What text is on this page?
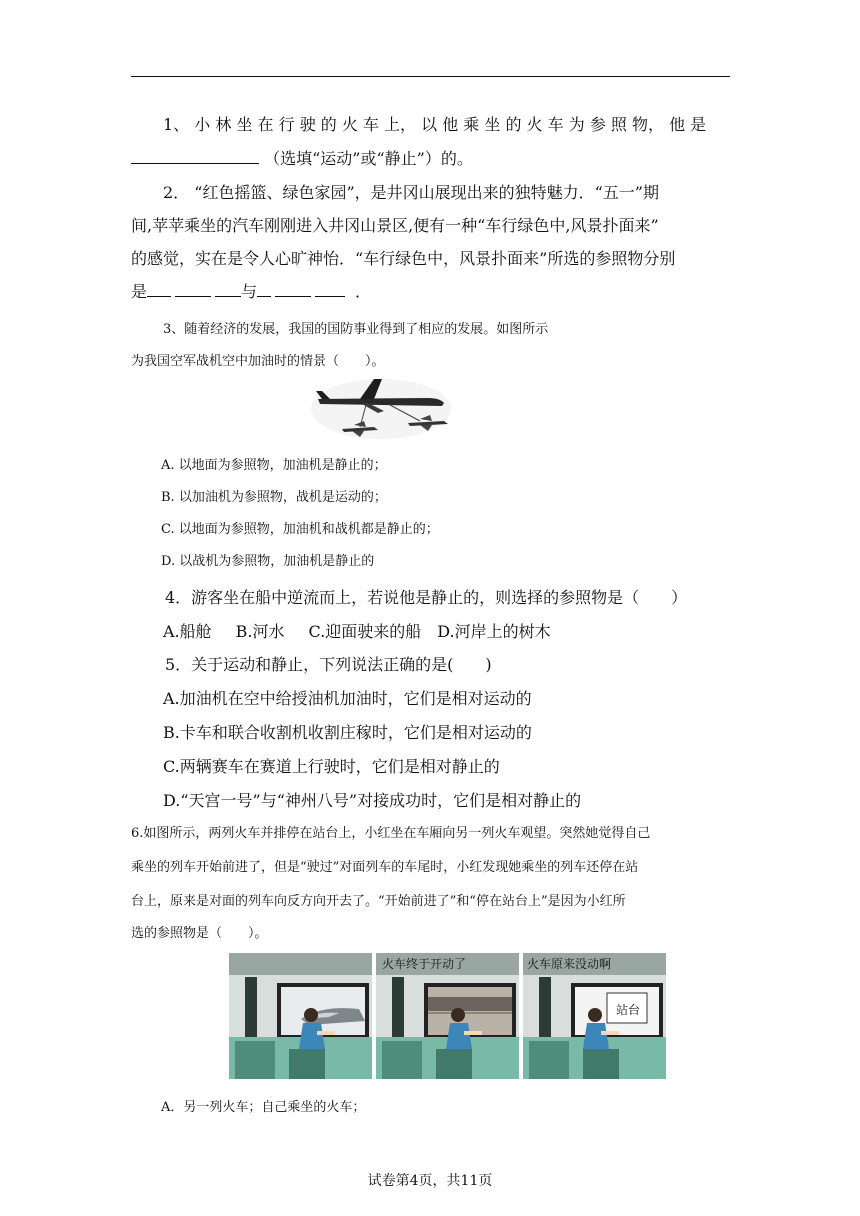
1、 小 林 坐 在 行 驶 的 火 车 上， 以 他 乘 坐 的 火 车 为 参 照 物， 他 是
（选填“运动”或“静止”）的。
2． “红色摇篮、绿色家园”，是井冈山展现出来的独特魅力．“五一”期
间,苹苹乘坐的汽车刚刚进入井冈山景区,便有一种“车行绿色中,风景扑面来”
的感觉，实在是令人心旷神怡．“车行绿色中，风景扑面来”所选的参照物分别
是	与	．
3、随着经济的发展，我国的国防事业得到了相应的发展。如图所示
为我国空军战机空中加油时的情景（　　）。
A. 以地面为参照物，加油机是静止的；
B. 以加油机为参照物，战机是运动的；
C. 以地面为参照物，加油机和战机都是静止的；
D. 以战机为参照物，加油机是静止的
4．游客坐在船中逆流而上，若说他是静止的，则选择的参照物是（　　）
A.船舱 B.河水 C.迎面驶来的船 D.河岸上的树木
5．关于运动和静止，下列说法正确的是(　　)
A.加油机在空中给授油机加油时，它们是相对运动的
B.卡车和联合收割机收割庄稼时，它们是相对运动的
C.两辆赛车在赛道上行驶时，它们是相对静止的
D.“天宫一号”与“神州八号”对接成功时，它们是相对静止的
6.如图所示，两列火车并排停在站台上，小红坐在车厢向另一列火车观望。突然她觉得自己
乘坐的列车开始前进了，但是“驶过”对面列车的车尾时，小红发现她乘坐的列车还停在站
台上，原来是对面的列车向反方向开去了。“开始前进了”和“停在站台上”是因为小红所
选的参照物是（　　）。
火车终于开动了	火车原来没动啊
站台
A．另一列火车；自己乘坐的火车；
试卷第4页，共11页
